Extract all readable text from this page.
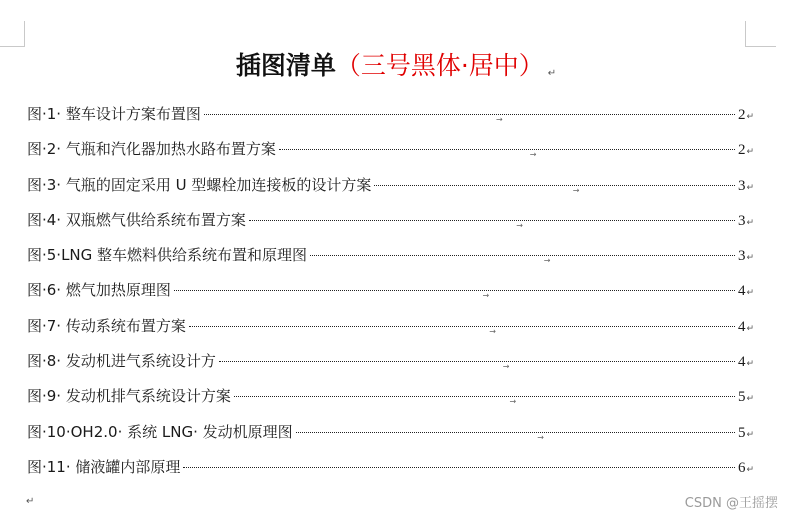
插图清单（三号黑体·居中） ↵
图·1· 整车设计方案布置图	→	2 ↵
图·2· 气瓶和汽化器加热水路布置方案	→	2 ↵
图·3· 气瓶的固定采用 U 型螺栓加连接板的设计方案	→	3 ↵
图·4· 双瓶燃气供给系统布置方案	→	3 ↵
图·5·LNG 整车燃料供给系统布置和原理图	→	3 ↵
图·6· 燃气加热原理图	→	4 ↵
图·7· 传动系统布置方案	→	4 ↵
图·8· 发动机进气系统设计方	→	4 ↵
图·9· 发动机排气系统设计方案	→	5 ↵
图·10·OH2.0· 系统 LNG· 发动机原理图	→	5 ↵
图·11· 储液罐内部原理	6 ↵
↵	CSDN @王摇摆
